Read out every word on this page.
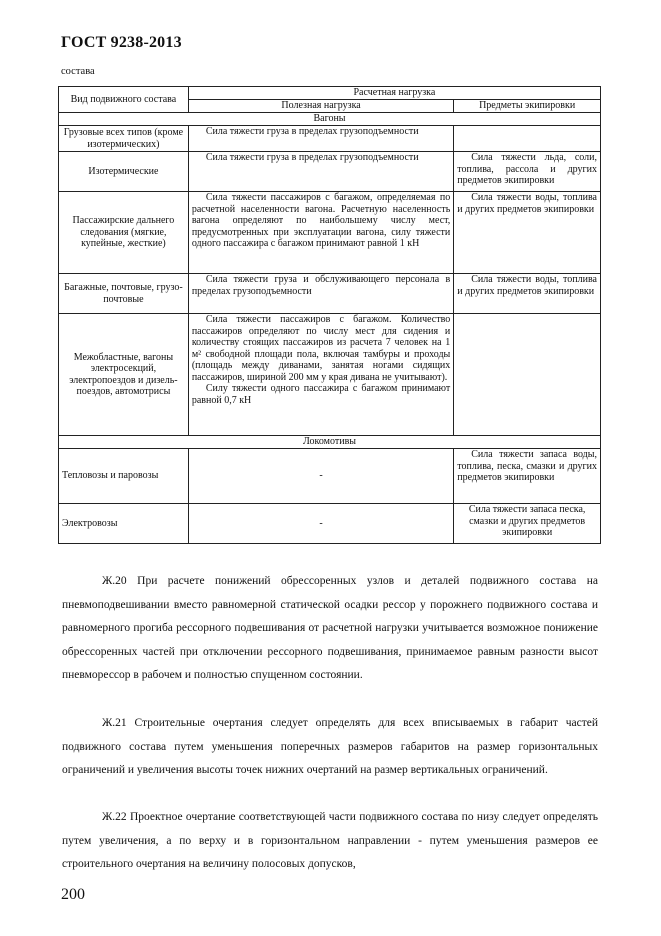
ГОСТ 9238-2013
состава
Вид подвижного состава	Расчетная нагрузка	
	Полезная нагрузка	Предметы экипировки
Вагоны		
Грузовые всех типов (кроме изотермических)	Сила тяжести груза в пределах грузоподъемности	
Изотермические	Сила тяжести груза в пределах грузоподъемности	Сила тяжести льда, соли, топлива, рассола и других предметов экипировки
Пассажирские дальнего следования (мягкие, купейные, жесткие)	Сила тяжести пассажиров с багажом, определяемая по расчетной населенности вагона. Расчетную населенность вагона определяют по наибольшему числу мест, предусмотренных при эксплуатации вагона, силу тяжести одного пассажира с багажом принимают равной 1 кН	Сила тяжести воды, топлива и других предметов экипировки
Багажные, почтовые, грузо-почтовые	Сила тяжести груза и обслуживающего персонала в пределах грузоподъемности	Сила тяжести воды, топлива и других предметов экипировки
Межобластные, вагоны электросекций, электропоездов и дизель-поездов, автомотрисы	Сила тяжести пассажиров с багажом. Количество пассажиров определяют по числу мест для сидения и количеству стоящих пассажиров из расчета 7 человек на 1 м² свободной площади пола, включая тамбуры и проходы (площадь между диванами, занятая ногами сидящих пассажиров, шириной 200 мм у края дивана не учитывают).
Силу тяжести одного пассажира с багажом принимают равной 0,7 кН	

Локомотивы		
Тепловозы и паровозы	-	Сила тяжести запаса воды, топлива, песка, смазки и других предметов экипировки
Электровозы	-	Сила тяжести запаса песка, смазки и других предметов экипировки

Ж.20 При расчете понижений обрессоренных узлов и деталей подвижного состава на пневмоподвешивании вместо равномерной статической осадки рессор у порожнего подвижного состава и равномерного прогиба рессорного подвешивания от расчетной нагрузки учитывается возможное понижение обрессоренных частей при отключении рессорного подвешивания, принимаемое равным разности высот пневморессор в рабочем и полностью спущенном состоянии.

Ж.21 Строительные очертания следует определять для всех вписываемых в габарит частей подвижного состава путем уменьшения поперечных размеров габаритов на размер горизонтальных ограничений и увеличения высоты точек нижних очертаний на размер вертикальных ограничений.

Ж.22 Проектное очертание соответствующей части подвижного состава по низу следует определять путем увеличения, а по верху и в горизонтальном направлении - путем уменьшения размеров ее строительного очертания на величину полосовых допусков,

200
